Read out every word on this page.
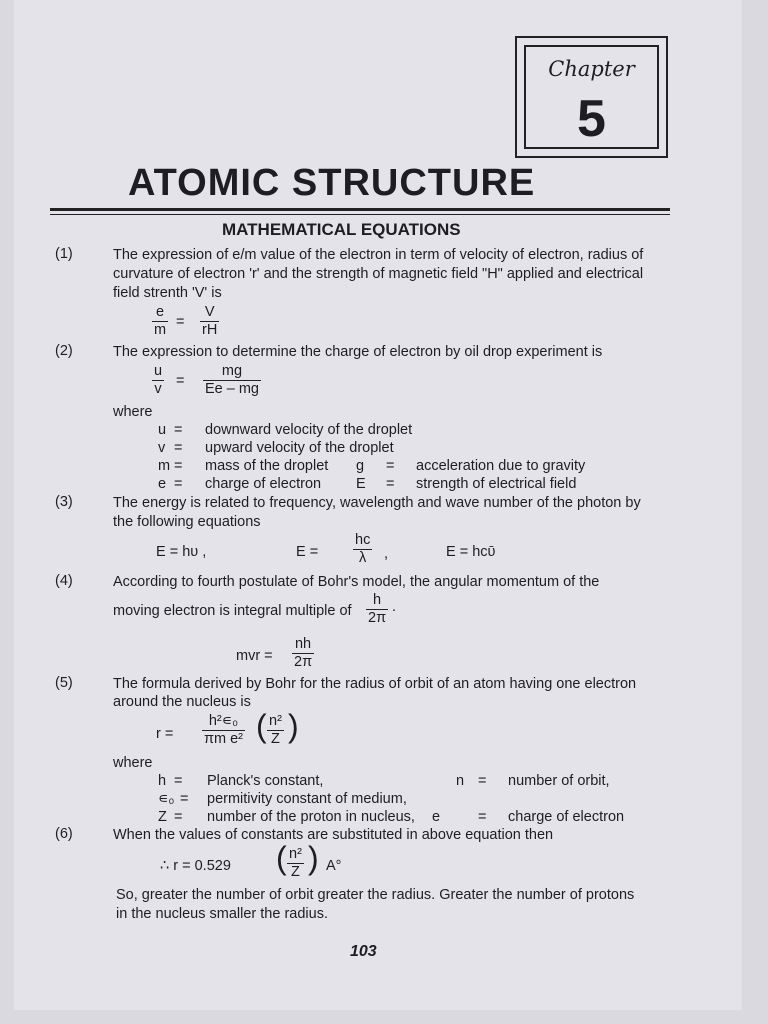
Chapter
5
ATOMIC STRUCTURE
MATHEMATICAL EQUATIONS
(1)	The expression of e/m value of the electron in term of velocity of electron, radius of
curvature of electron 'r' and the strength of magnetic field "H" applied and electrical
field strenth 'V' is
$\frac{e}{m} = \frac{V}{rH}$
(2)	The expression to determine the charge of electron by oil drop experiment is
$\frac{u}{v} = \frac{mg}{Ee - mg}$
where
u = downward velocity of the droplet
v = upward velocity of the droplet
m = mass of the droplet g = acceleration due to gravity
e = charge of electron E = strength of electrical field
(3)	The energy is related to frequency, wavelength and wave number of the photon by
the following equations
E = hυ ,	$E = \frac{hc}{\lambda}$ ,	E = hcῡ
(4)	According to fourth postulate of Bohr's model, the angular momentum of the
moving electron is integral multiple of $\frac{h}{2\pi}$ .
mvr = $\frac{nh}{2\pi}$
(5)	The formula derived by Bohr for the radius of orbit of an atom having one electron
around the nucleus is
$r = \frac{\text{h²∊₀}}{\text{πm e²}}$ ( $\frac{\text{n²}}{Z}$ )
where
h = Planck's constant,	n = number of orbit,
∊₀ = permitivity constant of medium,
Z = number of the proton in nucleus, e	= charge of electron
(6)	When the values of constants are substituted in above equation then
∴ r = 0.529 ( $\frac{\text{n²}}{Z}$ ) A°
So, greater the number of orbit greater the radius. Greater the number of protons
in the nucleus smaller the radius.
103
